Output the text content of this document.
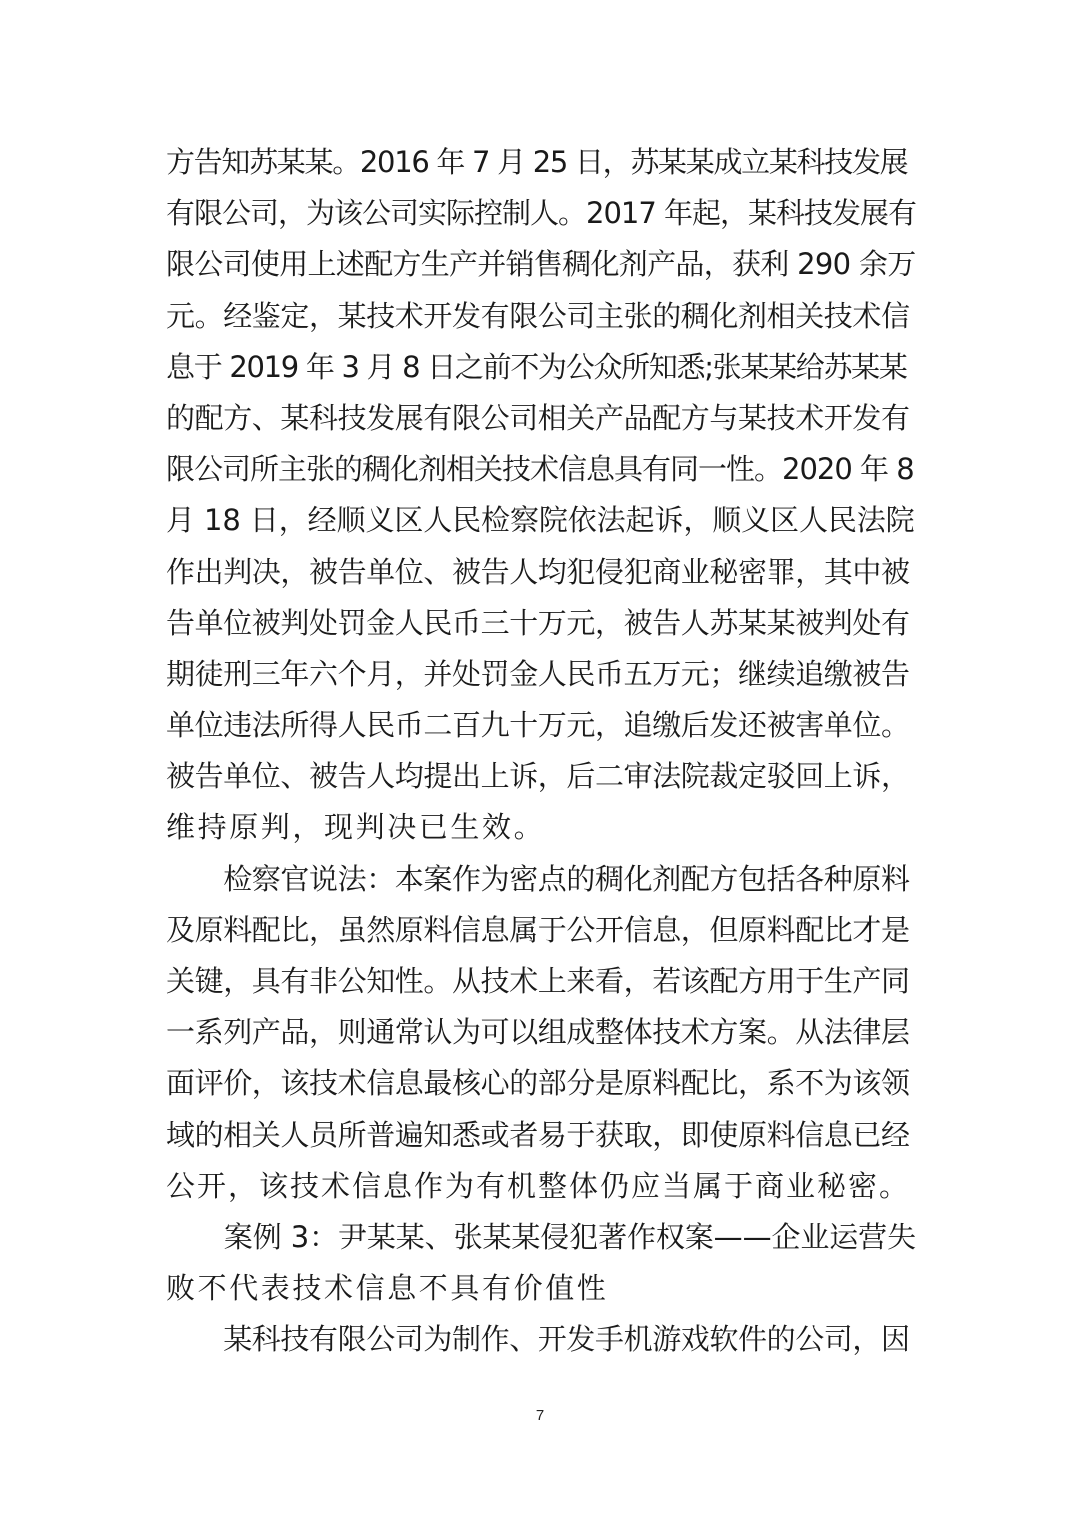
方告知苏某某。2016 年 7 月 25 日，苏某某成立某科技发展
有限公司，为该公司实际控制人。2017 年起，某科技发展有
限公司使用上述配方生产并销售稠化剂产品，获利 290 余万
元。经鉴定，某技术开发有限公司主张的稠化剂相关技术信
息于 2019 年 3 月 8 日之前不为公众所知悉;张某某给苏某某
的配方、某科技发展有限公司相关产品配方与某技术开发有
限公司所主张的稠化剂相关技术信息具有同一性。2020 年 8
月 18 日，经顺义区人民检察院依法起诉，顺义区人民法院
作出判决，被告单位、被告人均犯侵犯商业秘密罪，其中被
告单位被判处罚金人民币三十万元，被告人苏某某被判处有
期徒刑三年六个月，并处罚金人民币五万元；继续追缴被告
单位违法所得人民币二百九十万元，追缴后发还被害单位。
被告单位、被告人均提出上诉，后二审法院裁定驳回上诉，
维持原判，现判决已生效。
　　检察官说法：本案作为密点的稠化剂配方包括各种原料
及原料配比，虽然原料信息属于公开信息，但原料配比才是
关键，具有非公知性。从技术上来看，若该配方用于生产同
一系列产品，则通常认为可以组成整体技术方案。从法律层
面评价，该技术信息最核心的部分是原料配比，系不为该领
域的相关人员所普遍知悉或者易于获取，即使原料信息已经
公开，该技术信息作为有机整体仍应当属于商业秘密。
　　案例 3：尹某某、张某某侵犯著作权案——企业运营失
败不代表技术信息不具有价值性
　　某科技有限公司为制作、开发手机游戏软件的公司，因
7
